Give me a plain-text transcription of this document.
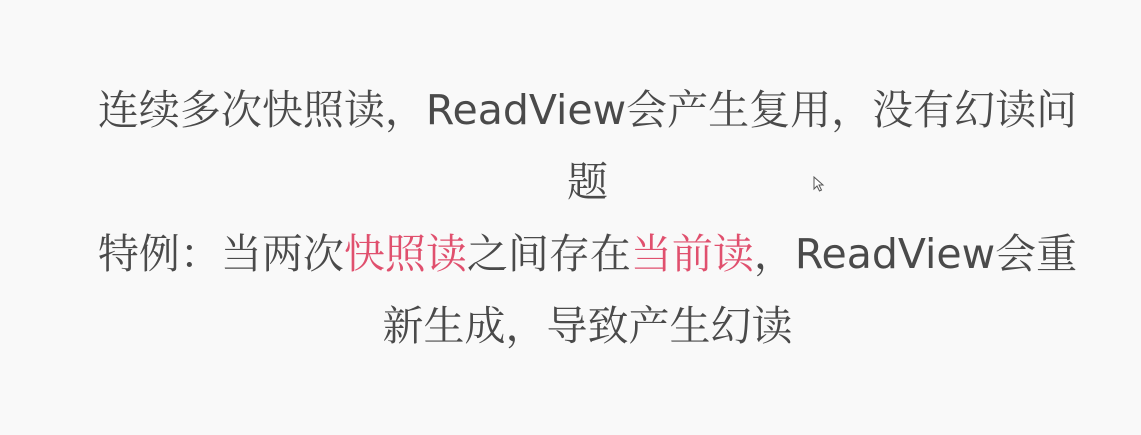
连续多次快照读，ReadView会产生复用，没有幻读问题

特例：当两次快照读之间存在当前读，ReadView会重新生成，导致产生幻读
